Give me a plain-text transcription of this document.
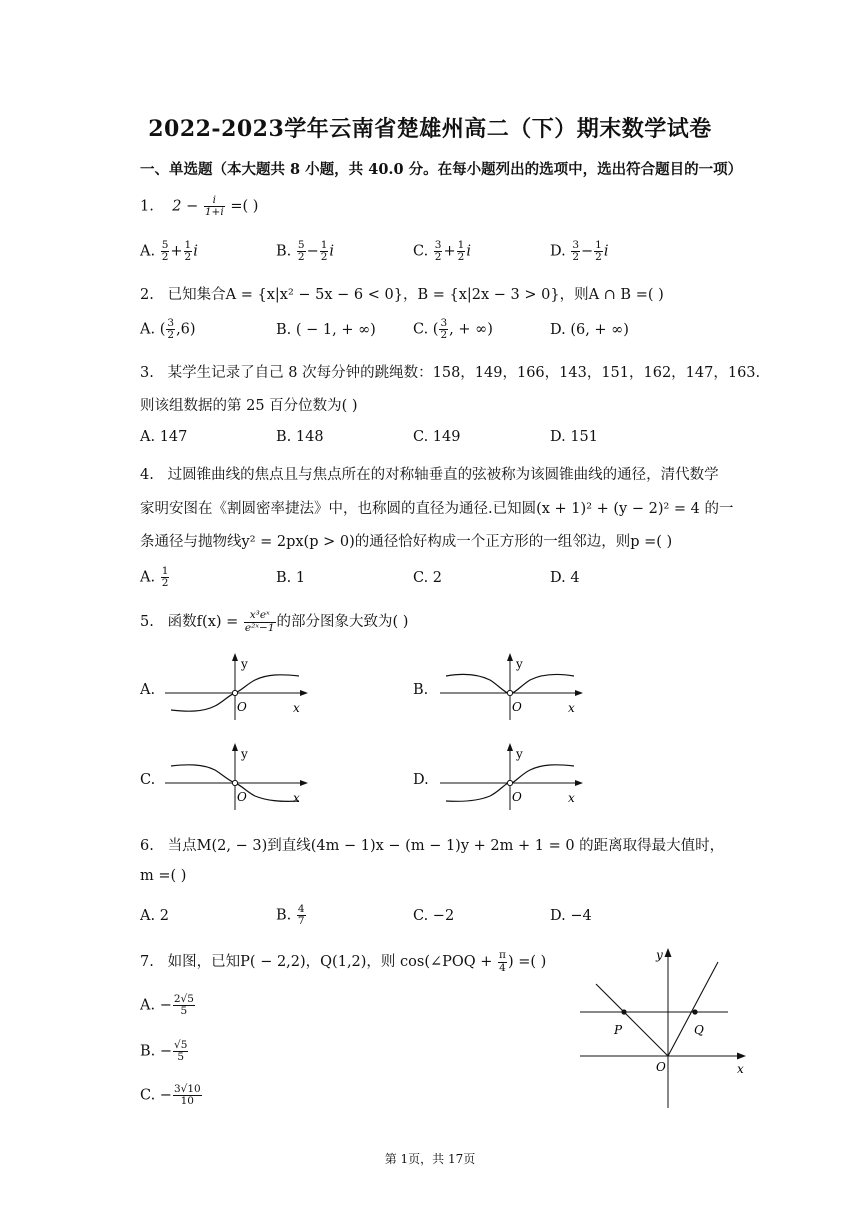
2022-2023学年云南省楚雄州高二（下）期末数学试卷
一、单选题（本大题共 8 小题，共 40.0 分。在每小题列出的选项中，选出符合题目的一项）
1. $2 - \frac{i}{1+i}$ =( )
A. $\frac{5}{2} + \frac{1}{2}$ i	B. $\frac{5}{2} - \frac{1}{2}$ i	C. $\frac{3}{2} + \frac{1}{2}$ i	D. $\frac{3}{2} - \frac{1}{2}$ i
2. 已知集合A = {x|x² − 5x − 6 < 0}，B = {x|2x − 3 > 0}，则A ∩ B =( )
A. ( $\frac{3}{2} ,6$)	B. ( − 1, + ∞)	C. ( $\frac{3}{2}$ , + ∞)	D. (6, + ∞)
3. 某学生记录了自己 8 次每分钟的跳绳数：158，149，166，143，151，162，147，163.
则该组数据的第 25 百分位数为( )
A. 147	B. 148	C. 149	D. 151
4. 过圆锥曲线的焦点且与焦点所在的对称轴垂直的弦被称为该圆锥曲线的通径，清代数学
家明安图在《割圆密率捷法》中，也称圆的直径为通径.已知圆(x + 1)² + (y − 2)² = 4 的一
条通径与抛物线y² = 2px(p > 0)的通径恰好构成一个正方形的一组邻边，则p =( )
A. $\frac{1}{2}$	B. 1	C. 2	D. 4
5. 函数$f(x) = \frac{\text{x³eˣ}}{\text{e²ˣ−1}}$ 的部分图象大致为( )
A.	B.
C.	D.
y
x
O
y
x
O
y
x
O
y
x
O
6. 当点M(2, − 3)到直线(4m − 1)x − (m − 1)y + 2m + 1 = 0 的距离取得最大值时，
m =( )
A. 2	B. $\frac{4}{7}$	C. −2	D. −4
7. 如图，已知P( − 2,2)，Q(1,2)，则 cos(∠POQ + $\frac{\pi}{4}$ ) =( )
A. − $\frac{2√5}{5}$
B. − $\frac{√5}{5}$
C. − $\frac{3√10}{10}$
y
x
O
P	Q
第 1页，共 17页
